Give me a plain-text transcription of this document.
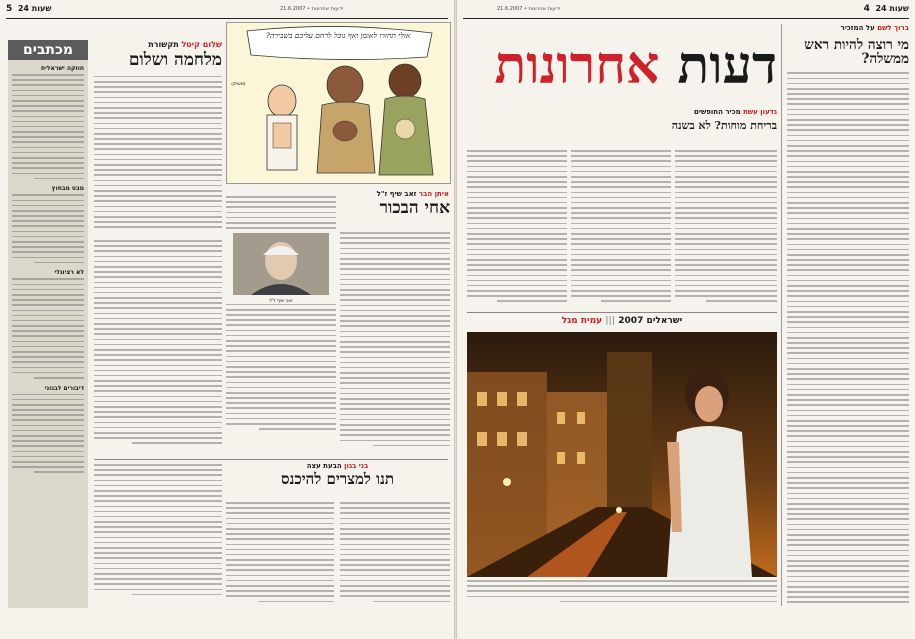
5 שעות 24	ידיעות אחרונות • 21.6.2007
מכתבים
חוזקה ישראלית
מבט מבחוץ
לא רציונלי
דיבורים לבנוני
שלום קיטל תקשורת
מלחמה ושלום
אולי תחזרו לאומן ואף נוכל לרחם עליכם בשבירה?
מושיקו
איתן הבר זאב שיף ז"ל
אחי הבכור
זאב שיף ז"ל
בני בגון הבעת עצה
תנו למצרים להיכנס
שעות 24  4
ידיעות אחרונות • 21.6.2007
דעות אחרונות
ברוך לשם על המזכיר
מי רוצה להיות ראש ממשלה?
גדעון עשת מכיר החופשים
בריחת מוחות? לא בשנה
ישראלים 2007 ||| עמית מגל
